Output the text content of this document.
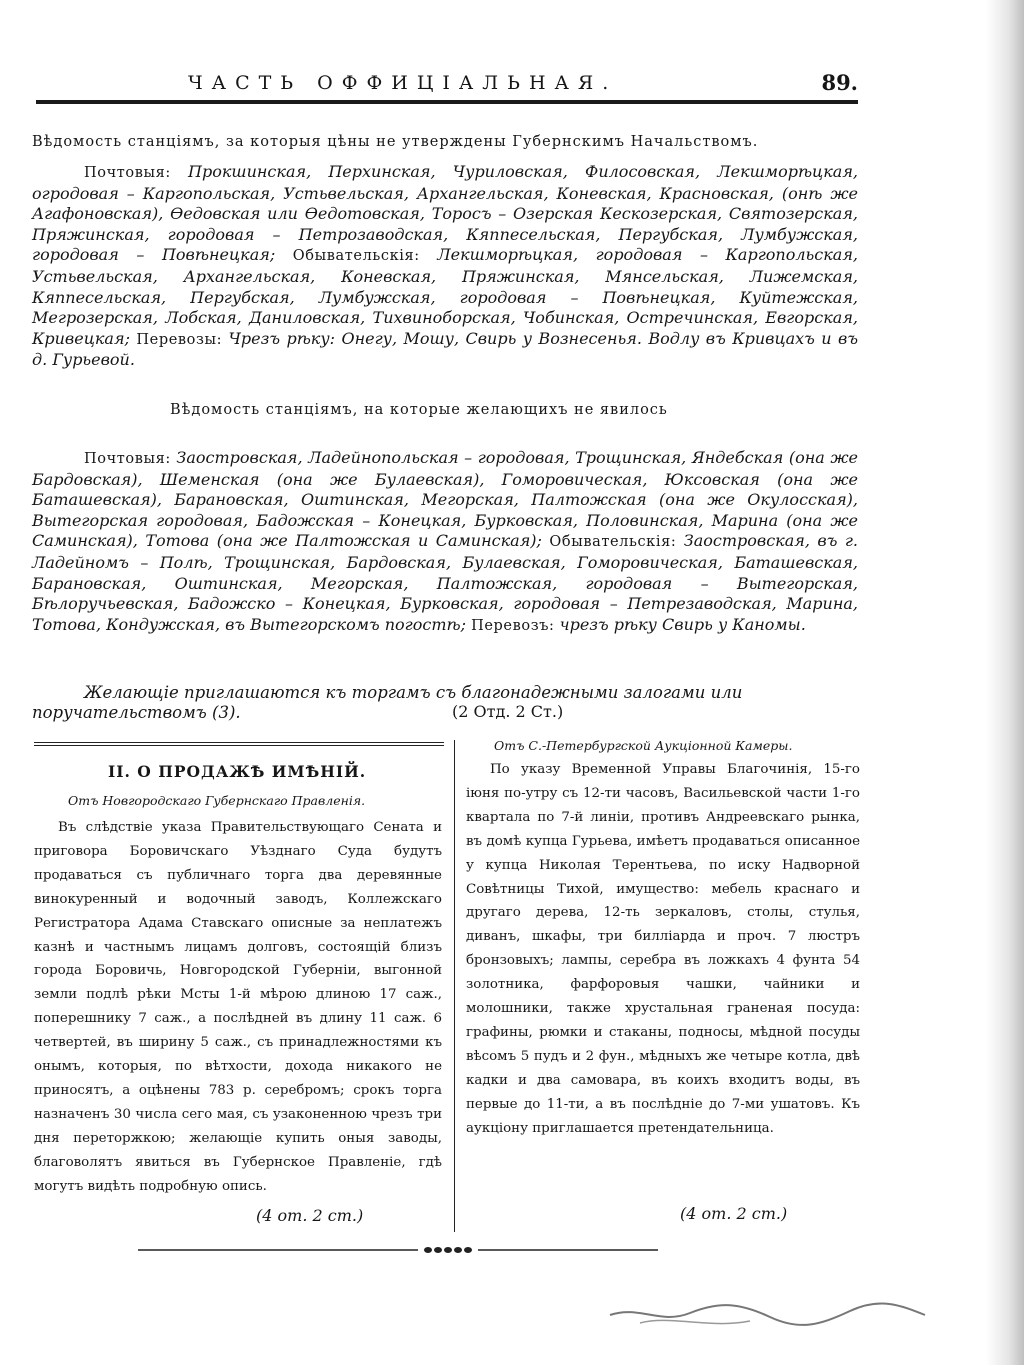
ЧАСТЬ ОФФИЦІАЛЬНАЯ.	89.
Вѣдомость станціямъ, за которыя цѣны не утверждены Губернскимъ Начальствомъ.
Почтовыя: Прокшинская, Перхинская, Чуриловская, Филосовская, Лекшморѣцкая, огродовая – Каргопольская, Устьвельская, Архангельская, Коневская, Красновская, (онѣ же Агафоновская), Ѳедовская или Ѳедотовская, Торосъ – Озерская Кескозерская, Святозерская, Пряжинская, городовая – Петрозаводская, Кяппесельская, Пергубская, Лумбужская, городовая – Повѣнецкая; Обывательскія: Лекшморѣцкая, городовая – Каргопольская, Устьвельская, Архангельская, Коневская, Пряжинская, Мянсельская, Лижемская, Кяппесельская, Пергубская, Лумбужская, городовая – Повѣнецкая, Куйтежская, Мегрозерская, Лобская, Даниловская, Тихвиноборская, Чобинская, Остречинская, Евгорская, Кривецкая; Перевозы: Чрезъ рѣку: Онегу, Мошу, Свирь у Вознесенья. Водлу въ Кривцахъ и въ д. Гурьевой.
Вѣдомость станціямъ, на которые желающихъ не явилось
Почтовыя: Заостровская, Ладейнопольская – городовая, Трощинская, Яндебская (она же Бардовская), Шеменская (она же Булаевская), Гоморовическая, Юксовская (она же Баташевская), Барановская, Оштинская, Мегорская, Палтожская (она же Окулосская), Вытегорская городовая, Бадожская – Конецкая, Бурковская, Половинская, Марина (она же Саминская), Тотова (она же Палтожская и Саминская); Обывательскія: Заостровская, въ г. Ладейномъ – Полѣ, Трощинская, Бардовская, Булаевская, Гоморовическая, Баташевская, Барановская, Оштинская, Мегорская, Палтожская, городовая – Вытегорская, Бѣлоручьевская, Бадожско – Конецкая, Бурковская, городовая – Петрезаводская, Марина, Тотова, Кондужская, въ Вытегорскомъ погостѣ; Перевозъ: чрезъ рѣку Свирь у Каномы.
Желающіе приглашаются къ торгамъ съ благонадежными залогами или поручательствомъ (3).	(2 Отд. 2 Ст.)
II. О ПРОДАЖѢ ИМѢНІЙ.
Отъ Новгородскаго Губернскаго Правленія.
Въ слѣдствіе указа Правительствующаго Сената и приговора Боровичскаго Уѣзднаго Суда будутъ продаваться съ публичнаго торга два деревянные винокуренный и водочный заводъ, Коллежскаго Регистратора Адама Ставскаго описные за неплатежъ казнѣ и частнымъ лицамъ долговъ, состоящій близъ города Боровичь, Новгородской Губерніи, выгонной земли подлѣ рѣки Мсты 1-й мѣрою длиною 17 саж., поперешнику 7 саж., а послѣдней въ длину 11 саж. 6 четвертей, въ ширину 5 саж., съ принадлежностями къ онымъ, которыя, по вѣтхости, дохода никакого не приносятъ, а оцѣнены 783 р. серебромъ; срокъ торга назначенъ 30 числа сего мая, съ узаконенною чрезъ три дня переторжкою; желающіе купить оныя заводы, благоволятъ явиться въ Губернское Правленіе, гдѣ могутъ видѣть подробную опись.
(4 от. 2 ст.)
Отъ С.-Петербургской Аукціонной Камеры.
По указу Временной Управы Благочинія, 15-го іюня по-утру съ 12-ти часовъ, Васильевской части 1-го квартала по 7-й линіи, противъ Андреевскаго рынка, въ домѣ купца Гурьева, имѣетъ продаваться описанное у купца Николая Терентьева, по иску Надворной Совѣтницы Тихой, имущество: мебель краснаго и другаго дерева, 12-ть зеркаловъ, столы, стулья, диванъ, шкафы, три билліарда и проч. 7 люстръ бронзовыхъ; лампы, серебра въ ложкахъ 4 фунта 54 золотника, фарфоровыя чашки, чайники и молошники, также хрустальная граненая посуда: графины, рюмки и стаканы, подносы, мѣдной посуды вѣсомъ 5 пудъ и 2 фун., мѣдныхъ же четыре котла, двѣ кадки и два самовара, въ коихъ входитъ воды, въ первые до 11-ти, а въ послѣдніе до 7-ми ушатовъ. Къ аукціону приглашается претендательница.
(4 от. 2 ст.)
